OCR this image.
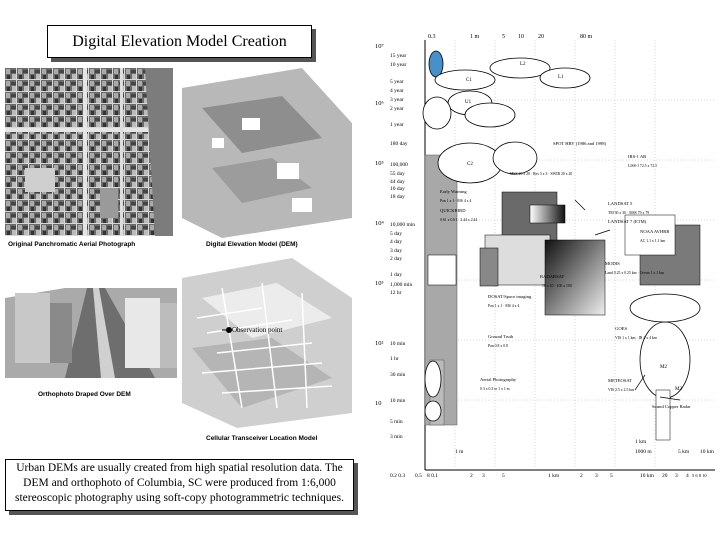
Digital Elevation Model Creation
Original Panchromatic Aerial Photograph	Digital Elevation Model (DEM)
Orthophoto Draped Over DEM
Observation point
Cellular Transceiver Location Model
Urban DEMs are usually created from high spatial resolution data. The DEM and orthophoto of Columbia, SC were produced from 1:6,000 stereoscopic photography using soft-copy photogrammetric techniques.
0.3	1 m	5 10 20	80 m
10⁷
10⁶
10⁵
10⁴
10³
10²
10
15 year
10 year
5 year
4 year
3 year
2 year
1 year
180 day
100,000
55 day
44 day
10 day
18 day
10,000 min
5 day
4 day
3 day
2 day
1 day
1,000 min
12 hr
10 min
1 hr
30 min
10 min
5 min
3 min
C1
C2
L2
L1
U1
M2
M3
SPOT HRV (1986 and 1998)
MSS 20 x 20 · Res 3 x 3 · SWIR 20 x 20
IRS-1 AB
LISS-1 72.5 x 72.5
LANDSAT 5
TM 30 x 30 · MSS 79 x 79
LANDSAT 7 (ETM)
NOAA AVHRR
AC 1.1 x 1.1 km
RADARSAT
10 x 10 · 100 x 100
MODIS
Land 0.25 x 0.25 km · Ocean 1 x 1 km
Aerial Photography
0.3 x 0.3 to 1 x 1 m
METEOSAT
VIS 2.5 x 2.5 km
Sound Copper Radar
GOES
VIS 1 x 1 km · IR 4 x 4 km
DOSAT/Space imaging
Pan 1 x 1 · MS 4 x 4
Ground Truth
Pan 0.8 x 0.8
Early Warning
Pan 1 x 1 · MS 4 x 4
QUICKBIRD
0.61 x 0.61 · 2.44 x 2.44
0.2 0.3 0.5 8 0.1	2 3	5	1 km	2 3 5	10 km 20 3 4 5 6 8 10
1 m
1 km
1000 m	5 km 10 km
